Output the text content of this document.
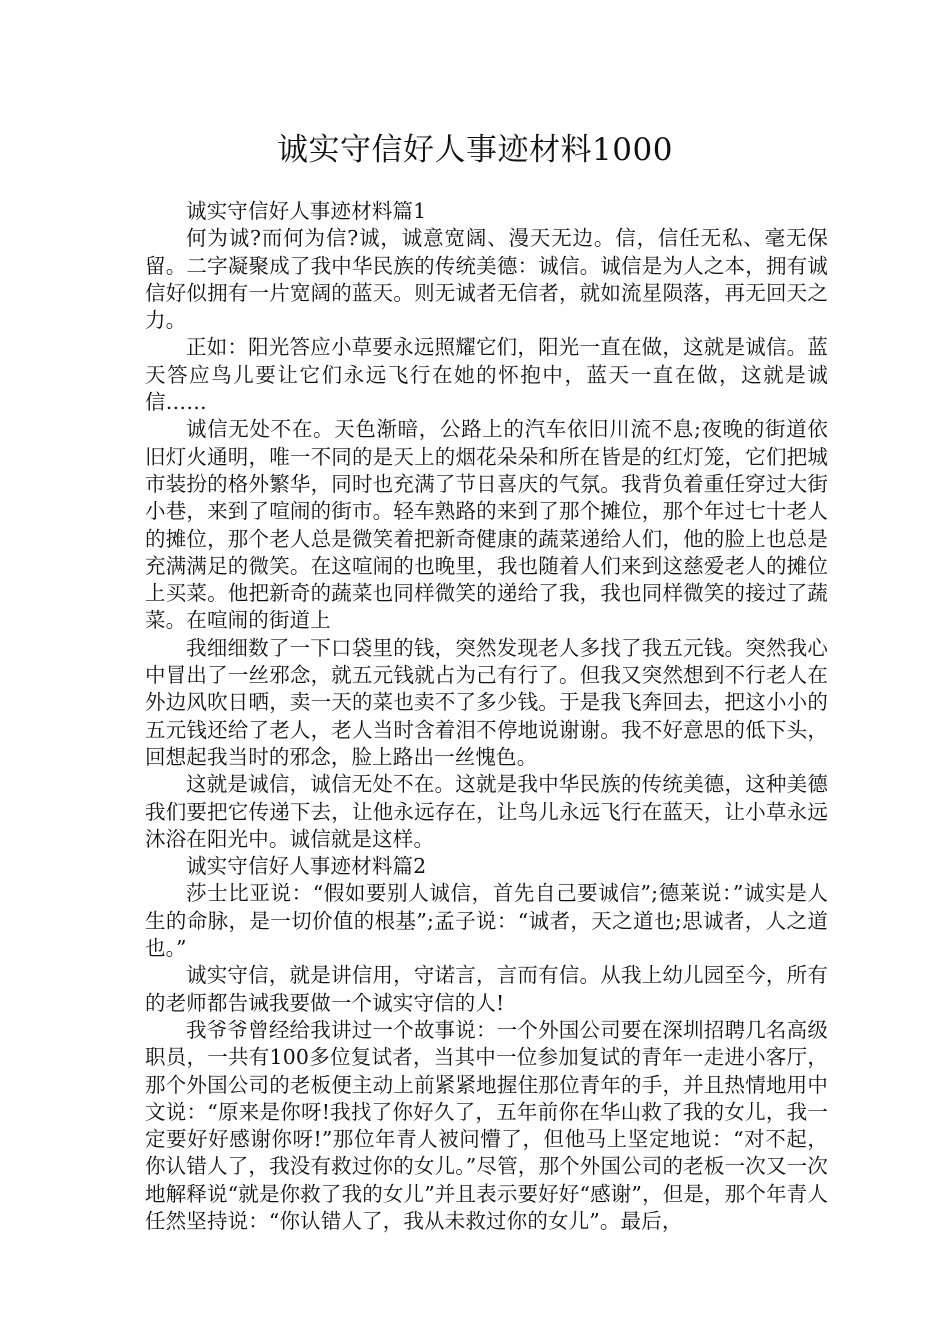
诚实守信好人事迹材料1000

诚实守信好人事迹材料篇1

何为诚?而何为信?诚，诚意宽阔、漫天无边。信，信任无私、毫无保留。二字凝聚成了我中华民族的传统美德：诚信。诚信是为人之本，拥有诚信好似拥有一片宽阔的蓝天。则无诚者无信者，就如流星陨落，再无回天之力。

正如：阳光答应小草要永远照耀它们，阳光一直在做，这就是诚信。蓝天答应鸟儿要让它们永远飞行在她的怀抱中，蓝天一直在做，这就是诚信……

诚信无处不在。天色渐暗，公路上的汽车依旧川流不息;夜晚的街道依旧灯火通明，唯一不同的是天上的烟花朵朵和所在皆是的红灯笼，它们把城市装扮的格外繁华，同时也充满了节日喜庆的气氛。我背负着重任穿过大街小巷，来到了喧闹的街市。轻车熟路的来到了那个摊位，那个年过七十老人的摊位，那个老人总是微笑着把新奇健康的蔬菜递给人们，他的脸上也总是充满满足的微笑。在这喧闹的也晚里，我也随着人们来到这慈爱老人的摊位上买菜。他把新奇的蔬菜也同样微笑的递给了我，我也同样微笑的接过了蔬菜。在喧闹的街道上

我细细数了一下口袋里的钱，突然发现老人多找了我五元钱。突然我心中冒出了一丝邪念，就五元钱就占为己有行了。但我又突然想到不行老人在外边风吹日晒，卖一天的菜也卖不了多少钱。于是我飞奔回去，把这小小的五元钱还给了老人，老人当时含着泪不停地说谢谢。我不好意思的低下头，回想起我当时的邪念，脸上路出一丝愧色。

这就是诚信，诚信无处不在。这就是我中华民族的传统美德，这种美德我们要把它传递下去，让他永远存在，让鸟儿永远飞行在蓝天，让小草永远沐浴在阳光中。诚信就是这样。

诚实守信好人事迹材料篇2

莎士比亚说：“假如要别人诚信，首先自己要诚信”;德莱说：”诚实是人生的命脉，是一切价值的根基”;孟子说：“诚者，天之道也;思诚者，人之道也。”

诚实守信，就是讲信用，守诺言，言而有信。从我上幼儿园至今，所有的老师都告诫我要做一个诚实守信的人!

我爷爷曾经给我讲过一个故事说：一个外国公司要在深圳招聘几名高级职员，一共有100多位复试者，当其中一位参加复试的青年一走进小客厅，那个外国公司的老板便主动上前紧紧地握住那位青年的手，并且热情地用中文说：“原来是你呀!我找了你好久了，五年前你在华山救了我的女儿，我一定要好好感谢你呀!”那位年青人被问懵了，但他马上坚定地说：“对不起，你认错人了，我没有救过你的女儿。”尽管，那个外国公司的老板一次又一次地解释说“就是你救了我的女儿”并且表示要好好“感谢”，但是，那个年青人任然坚持说：“你认错人了，我从未救过你的女儿”。最后，
